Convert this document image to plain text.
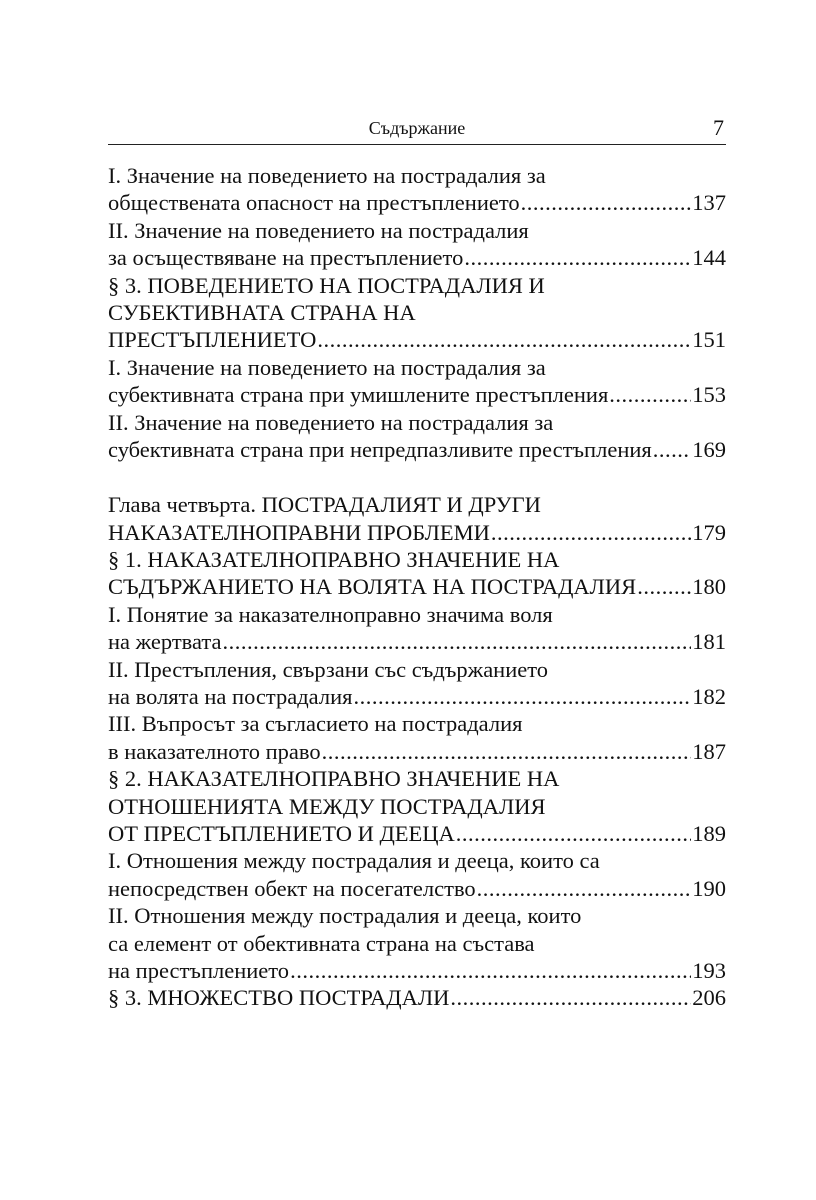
Съдържание	7
I. Значение на поведението на пострадалия за
обществената опасност на престъплението .....	137
II. Значение на поведението на пострадалия
за осъществяване на престъплението .....	144
§ 3. ПОВЕДЕНИЕТО НА ПОСТРАДАЛИЯ И
СУБЕКТИВНАТА СТРАНА НА
ПРЕСТЪПЛЕНИЕТО .....	151
I. Значение на поведението на пострадалия за
субективната страна при умишлените престъпления .....	153
II. Значение на поведението на пострадалия за
субективната страна при непредпазливите престъпления ..... 169
Глава четвърта. ПОСТРАДАЛИЯТ И ДРУГИ
НАКАЗАТЕЛНОПРАВНИ ПРОБЛЕМИ .....	179
§ 1. НАКАЗАТЕЛНОПРАВНО ЗНАЧЕНИЕ НА
СЪДЪРЖАНИЕТО НА ВОЛЯТА НА ПОСТРАДАЛИЯ ..... 180
I. Понятие за наказателноправно значима воля
на жертвата .....	181
II. Престъпления, свързани със съдържанието
на волята на пострадалия .....	182
III. Въпросът за съгласието на пострадалия
в наказателното право .....	187
§ 2. НАКАЗАТЕЛНОПРАВНО ЗНАЧЕНИЕ НА
ОТНОШЕНИЯТА МЕЖДУ ПОСТРАДАЛИЯ
ОТ ПРЕСТЪПЛЕНИЕТО И ДЕЕЦА .....	189
I. Отношения между пострадалия и дееца, които са
непосредствен обект на посегателство .....	190
II. Отношения между пострадалия и дееца, които
са елемент от обективната страна на състава
на престъплението .....	193
§ 3. МНОЖЕСТВО ПОСТРАДАЛИ .....	206
